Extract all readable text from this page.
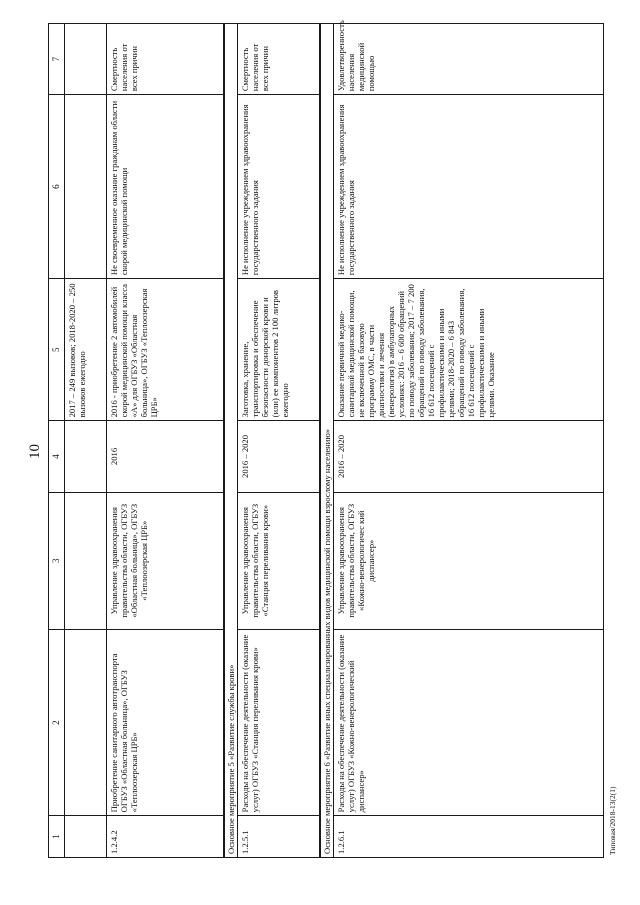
10
Типовая/2018-13(2(1)
1	2	3	4	5	6	7
				2017 – 249 вызовов; 2018-2020 – 250 вызовов ежегодно		
1.2.4.2	Приобретение санитарного автотранспорта ОГБУЗ «Областная больница», ОГБУЗ «Теплоозерская ЦРБ»	Управление здравоохранения правительства области, ОГБУЗ «Областная больница», ОГБУЗ «Теплоозерская ЦРБ»	2016	2016 - приобретение 2 автомобилей скорой медицинской помощи класса «А» для ОГБУЗ «Областная больница», ОГБУЗ «Теплоозерская ЦРБ»	Не своевременное оказание гражданам области скорой медицинской помощи	Смертность населения от всех причин
Основное мероприятие 5 «Развитие службы крови»						
1.2.5.1	Расходы на обеспечение деятельности (оказание услуг) ОГБУЗ «Станция переливания крови»	Управление здравоохранения правительства области, ОГБУЗ «Станция переливания крови»	2016 – 2020	Заготовка, хранение, транспортировка и обеспечение безопасности донорской крови и (или) ее компонентов 2 100 литров ежегодно	Не исполнение учреждением здравоохранения государственного задания	Смертность населения от всех причин
Основное мероприятие 6 «Развитие иных специализированных видов медицинской помощи взрослому населению»						
1.2.6.1	Расходы на обеспечение деятельности (оказание услуг) ОГБУЗ «Кожно-венерологический диспансер»	Управление здравоохранения правительства области, ОГБУЗ «Кожно-венерологичес кий диспансер»	2016 – 2020	Оказание первичной медико-санитарной медицинской помощи, не включенной в базовую программу ОМС, в части диагностики и лечения (венерология) в амбулаторных условиях: 2016 – 6 600 обращений по поводу заболевания; 2017 – 7 200 обращений по поводу заболевания, 16 612 посещений с профилактическими и иными целями; 2018-2020 – 6 843 обращений по поводу заболевания, 16 612 посещений с профилактическими и иными целями. Оказание	Не исполнение учреждением здравоохранения государственного задания	Удовлетворенность населения медицинской помощью
